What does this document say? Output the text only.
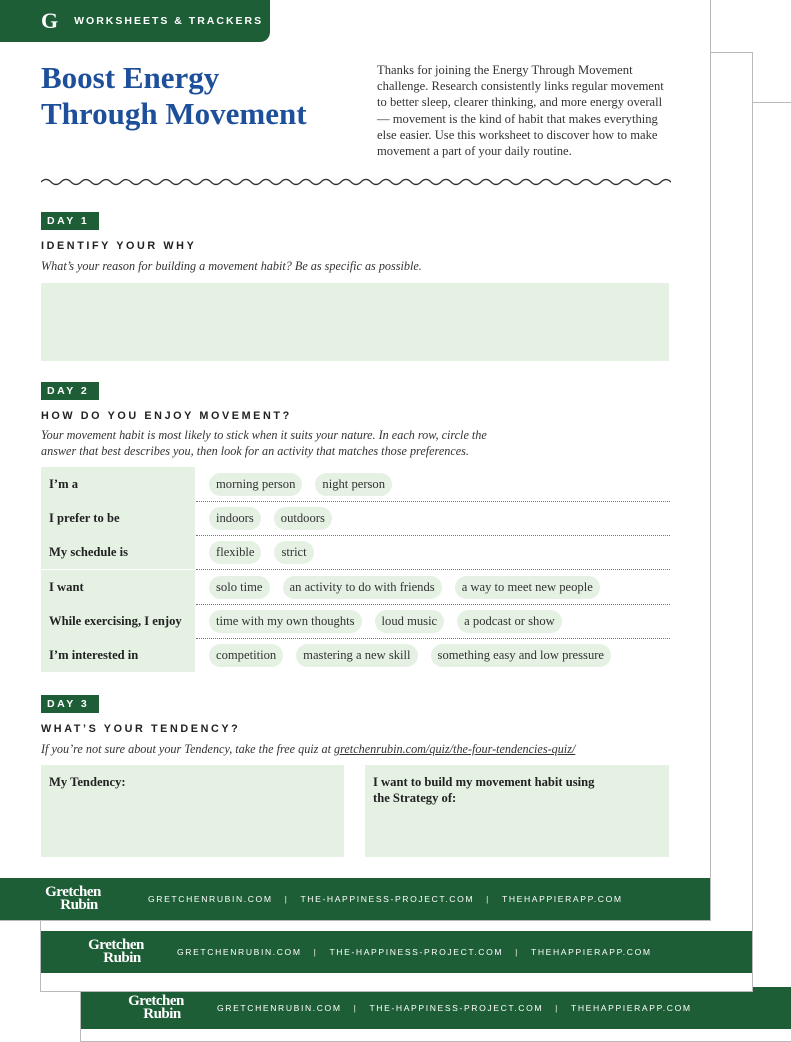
Gretchen
Rubin	GRETCHENRUBIN.COM | THE-HAPPINESS-PROJECT.COM | THEHAPPIERAPP.COM
Gretchen
Rubin	GRETCHENRUBIN.COM | THE-HAPPINESS-PROJECT.COM | THEHAPPIERAPP.COM
G WORKSHEETS & TRACKERS
Boost Energy
Through Movement

Thanks for joining the Energy Through Movement challenge. Research consistently links regular movement to better sleep, clearer thinking, and more energy overall — movement is the kind of habit that makes everything else easier. Use this worksheet to discover how to make movement a part of your daily routine.

DAY 1
IDENTIFY YOUR WHY

What’s your reason for building a movement habit? Be as specific as possible.

DAY 2
HOW DO YOU ENJOY MOVEMENT?

Your movement habit is most likely to stick when it suits your nature. In each row, circle the answer that best describes you, then look for an activity that matches those preferences.

I’m a	morning person	night person
I prefer to be	indoors	outdoors
My schedule is	flexible	strict
I want	solo time	an activity to do with friends	a way to meet new people
While exercising, I enjoy	time with my own thoughts	loud music	a podcast or show
I’m interested in	competition	mastering a new skill	something easy and low pressure
DAY 3
WHAT’S YOUR TENDENCY?

If you’re not sure about your Tendency, take the free quiz at gretchenrubin.com/quiz/the-four-tendencies-quiz/

My Tendency:	I want to build my movement habit using the Strategy of:

Gretchen
Rubin	GRETCHENRUBIN.COM | THE-HAPPINESS-PROJECT.COM | THEHAPPIERAPP.COM
